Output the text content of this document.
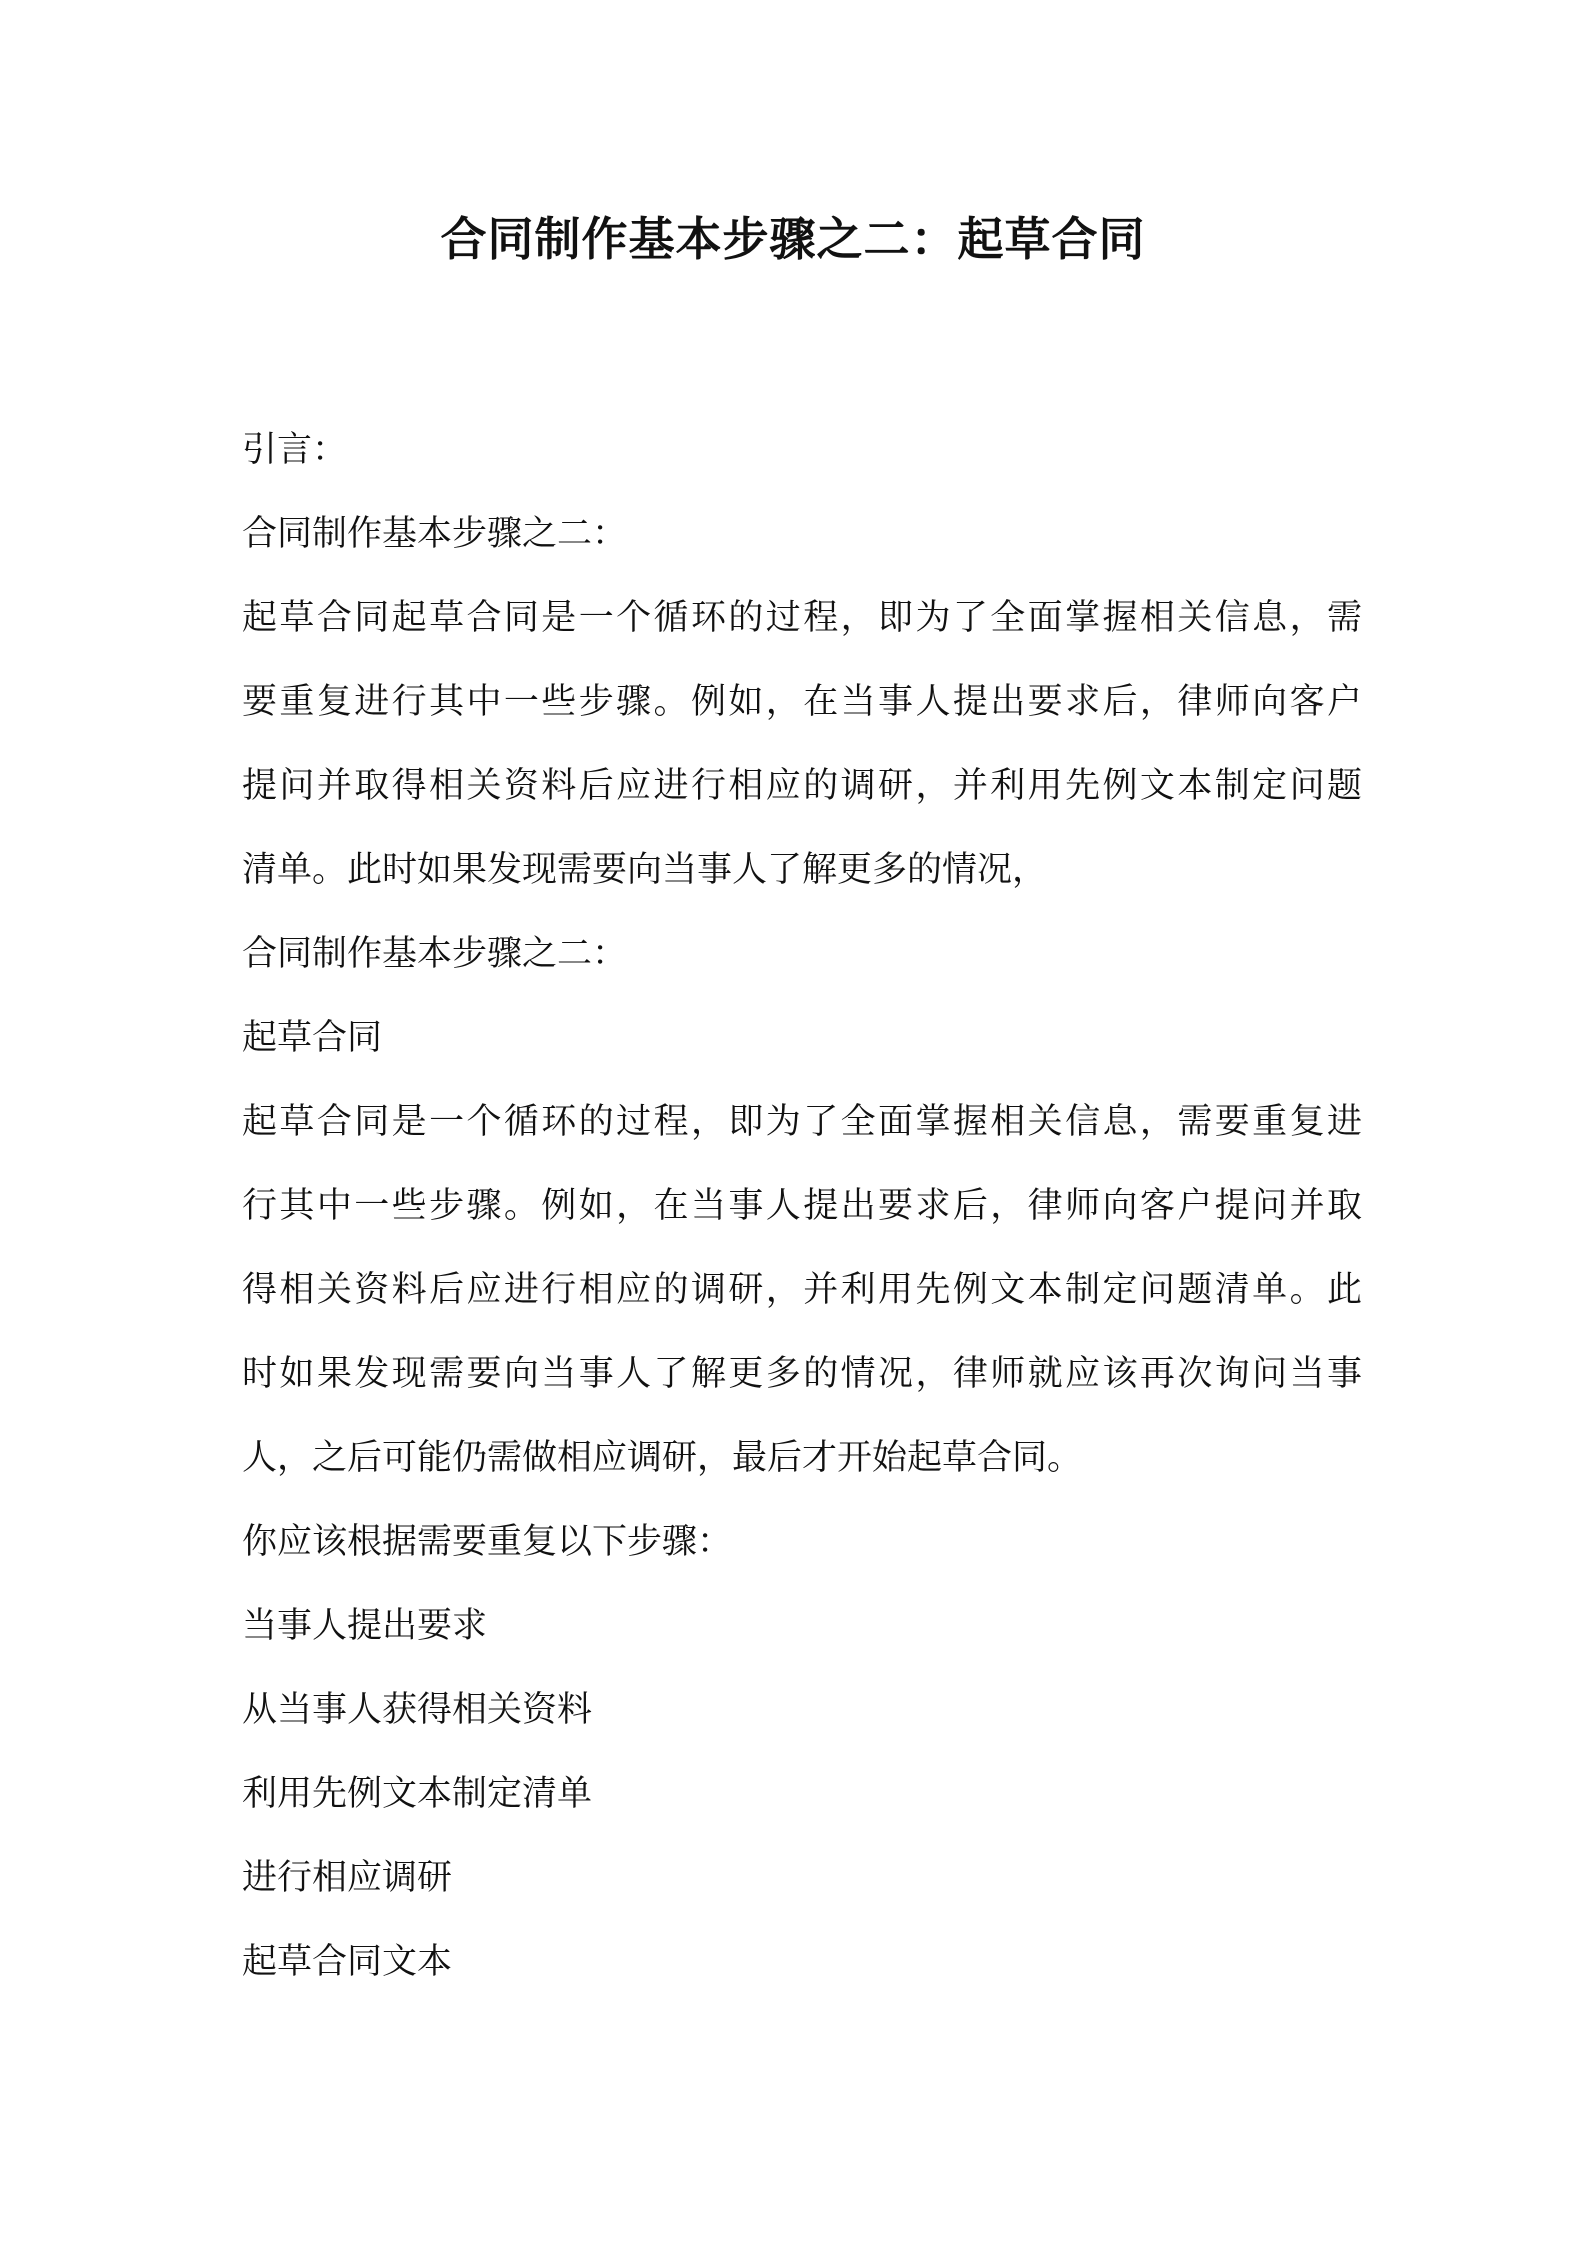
合同制作基本步骤之二：起草合同
引言：
合同制作基本步骤之二：
起草合同起草合同是一个循环的过程，即为了全面掌握相关信息，需
要重复进行其中一些步骤。例如，在当事人提出要求后，律师向客户
提问并取得相关资料后应进行相应的调研，并利用先例文本制定问题
清单。此时如果发现需要向当事人了解更多的情况，
合同制作基本步骤之二：
起草合同
起草合同是一个循环的过程，即为了全面掌握相关信息，需要重复进
行其中一些步骤。例如，在当事人提出要求后，律师向客户提问并取
得相关资料后应进行相应的调研，并利用先例文本制定问题清单。此
时如果发现需要向当事人了解更多的情况，律师就应该再次询问当事
人，之后可能仍需做相应调研，最后才开始起草合同。
你应该根据需要重复以下步骤：
当事人提出要求
从当事人获得相关资料
利用先例文本制定清单
进行相应调研
起草合同文本
